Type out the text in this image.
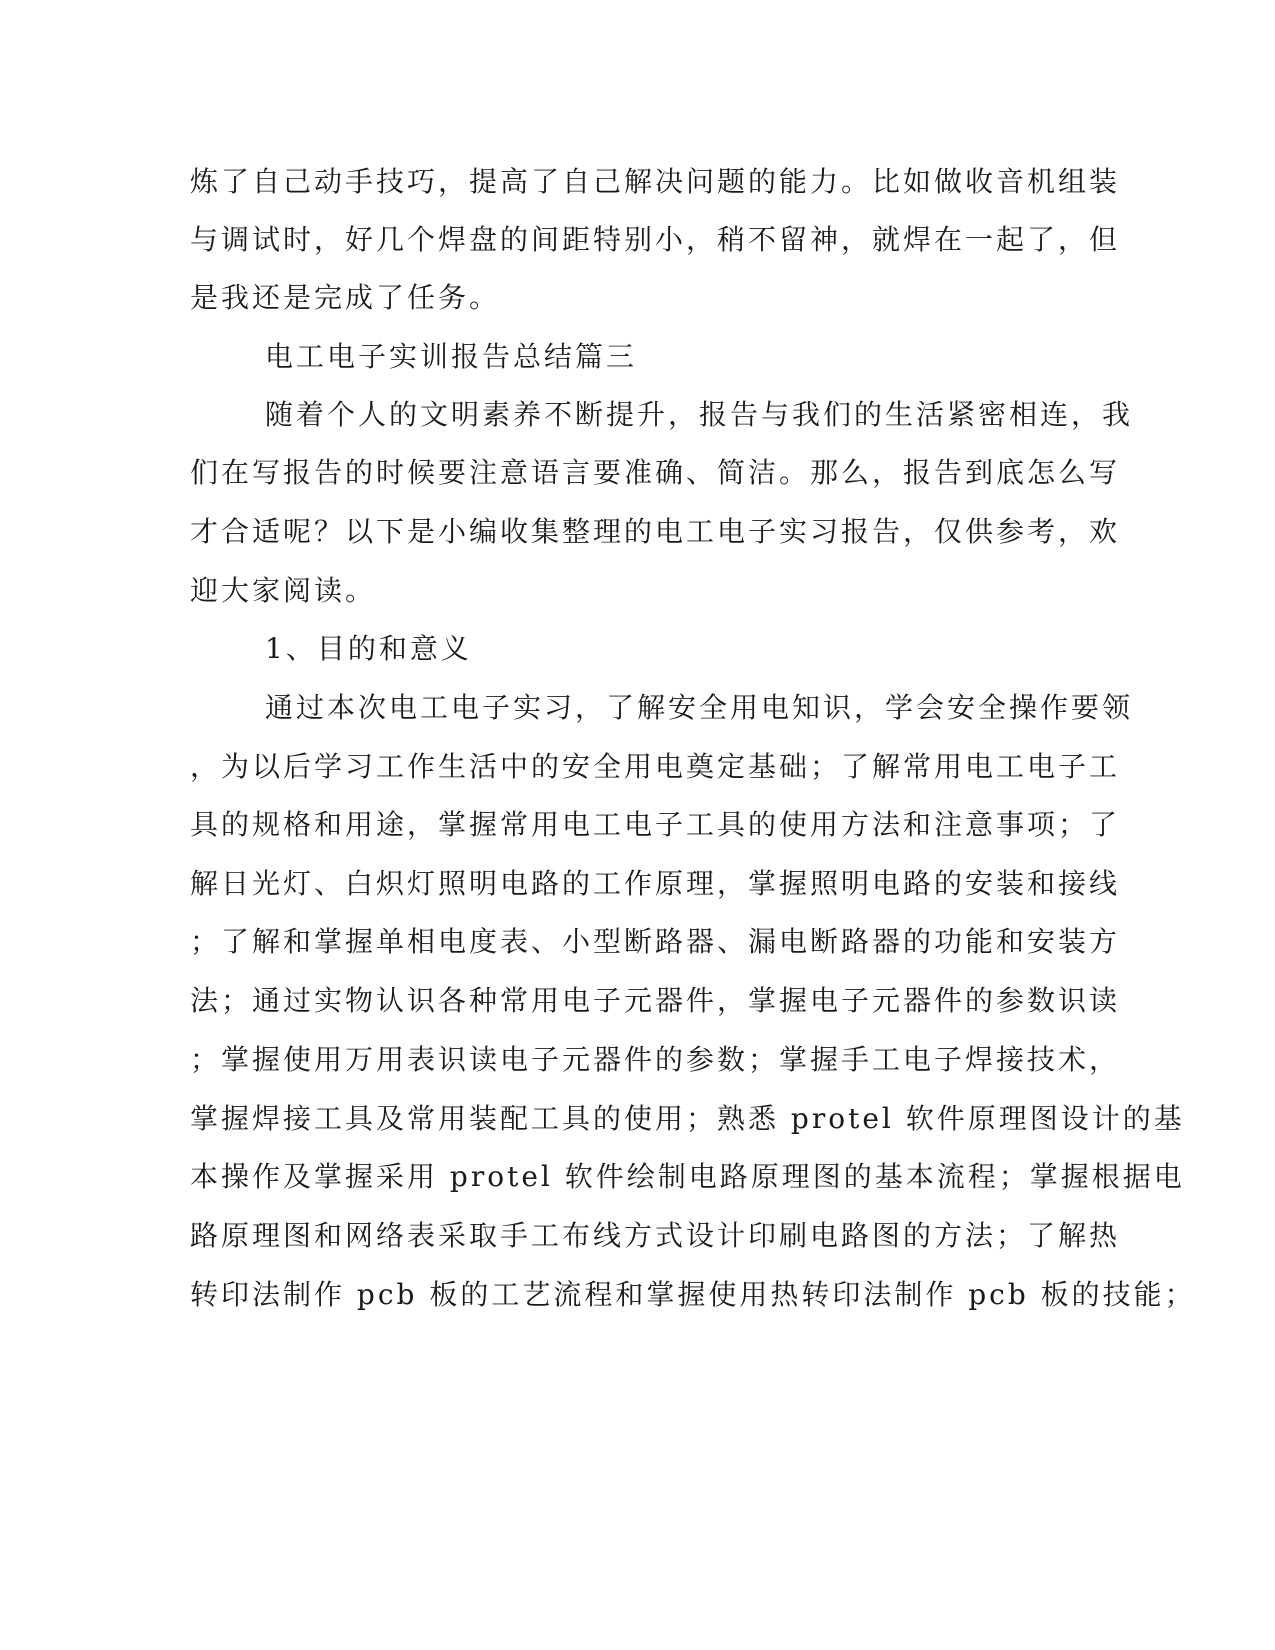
炼了自己动手技巧，提高了自己解决问题的能力。比如做收音机组装
与调试时，好几个焊盘的间距特别小，稍不留神，就焊在一起了，但
是我还是完成了任务。
电工电子实训报告总结篇三
随着个人的文明素养不断提升，报告与我们的生活紧密相连，我
们在写报告的时候要注意语言要准确、简洁。那么，报告到底怎么写
才合适呢？以下是小编收集整理的电工电子实习报告，仅供参考，欢
迎大家阅读。
1、目的和意义
通过本次电工电子实习，了解安全用电知识，学会安全操作要领
，为以后学习工作生活中的安全用电奠定基础；了解常用电工电子工
具的规格和用途，掌握常用电工电子工具的使用方法和注意事项；了
解日光灯、白炽灯照明电路的工作原理，掌握照明电路的安装和接线
；了解和掌握单相电度表、小型断路器、漏电断路器的功能和安装方
法；通过实物认识各种常用电子元器件，掌握电子元器件的参数识读
；掌握使用万用表识读电子元器件的参数；掌握手工电子焊接技术，
掌握焊接工具及常用装配工具的使用；熟悉 protel 软件原理图设计的基
本操作及掌握采用 protel 软件绘制电路原理图的基本流程；掌握根据电
路原理图和网络表采取手工布线方式设计印刷电路图的方法；了解热
转印法制作 pcb 板的工艺流程和掌握使用热转印法制作 pcb 板的技能；
